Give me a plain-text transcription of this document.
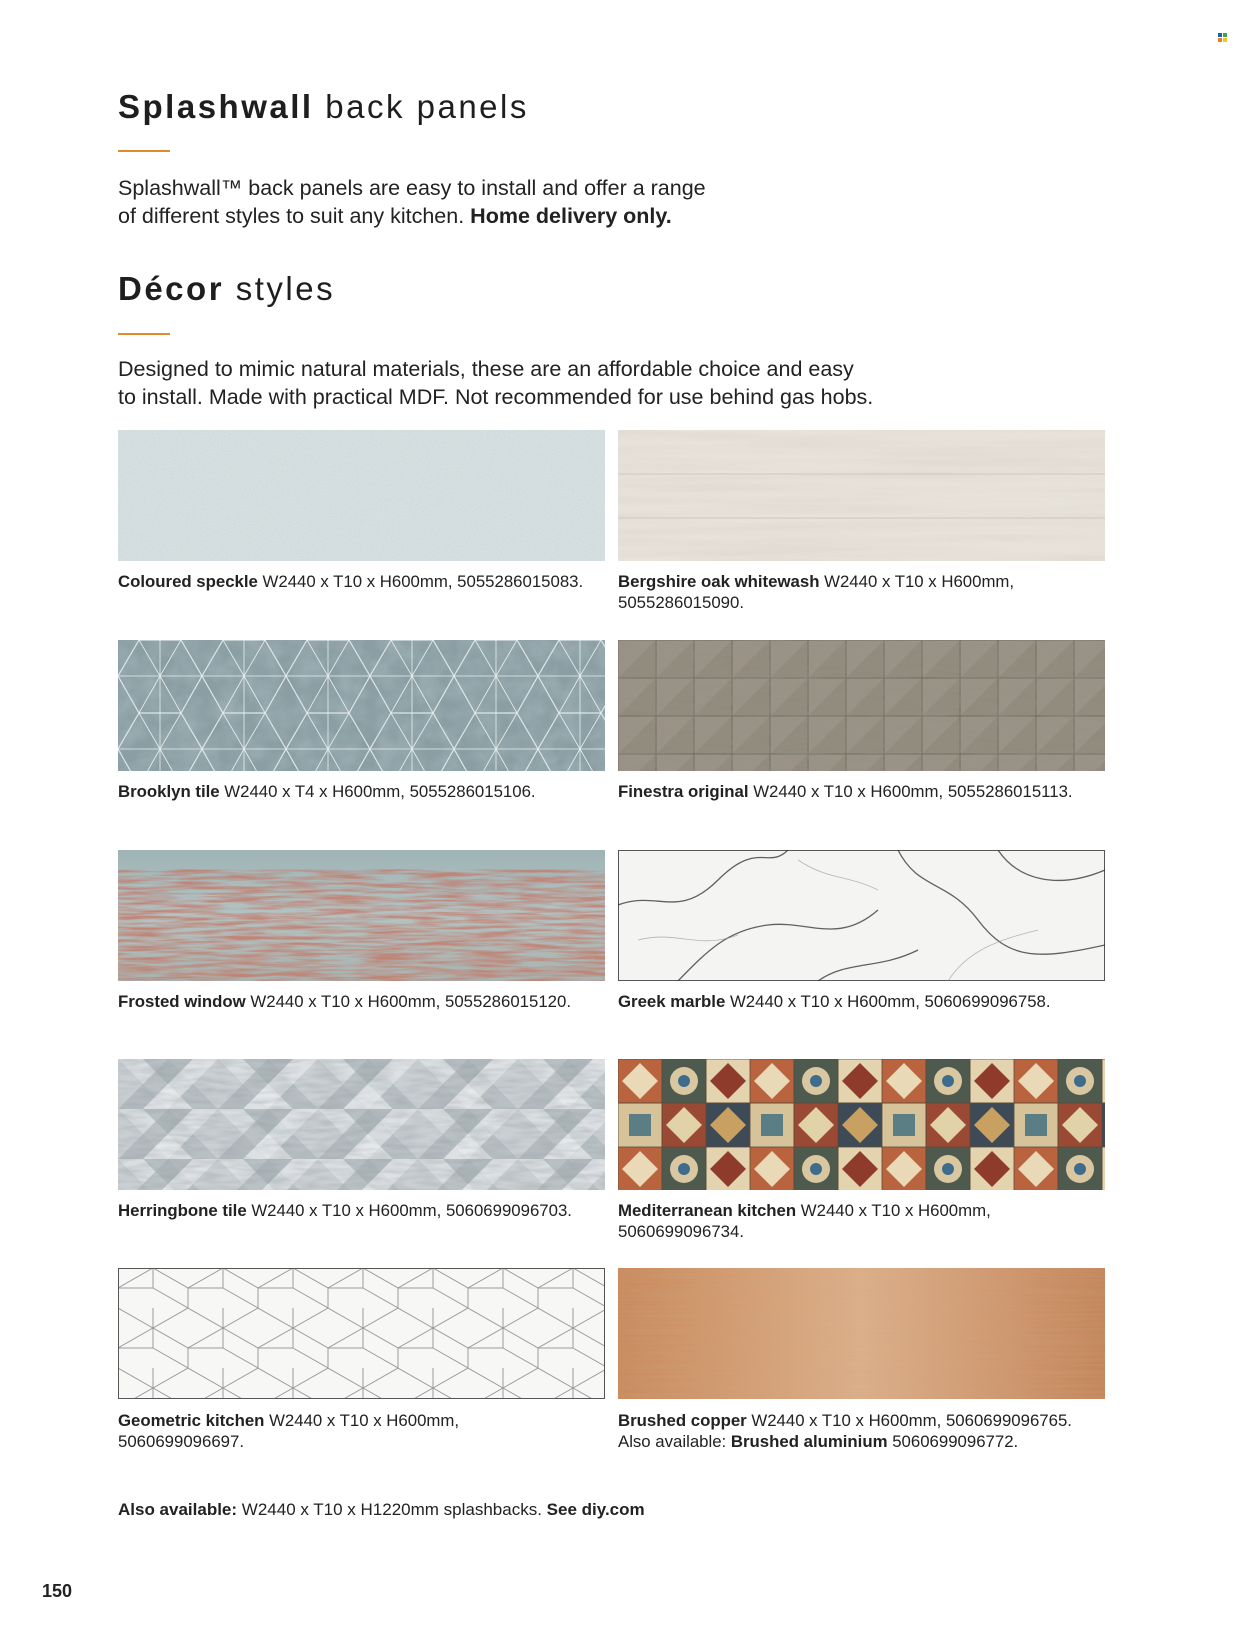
Splashwall back panels
Splashwall™ back panels are easy to install and offer a range
of different styles to suit any kitchen. Home delivery only.
Décor styles
Designed to mimic natural materials, these are an affordable choice and easy
to install. Made with practical MDF. Not recommended for use behind gas hobs.
Coloured speckle W2440 x T10 x H600mm, 5055286015083. Bergshire oak whitewash W2440 x T10 x H600mm,
5055286015090.
Brooklyn tile W2440 x T4 x H600mm, 5055286015106.	Finestra original W2440 x T10 x H600mm, 5055286015113.
Frosted window W2440 x T10 x H600mm, 5055286015120.	Greek marble W2440 x T10 x H600mm, 5060699096758.
Herringbone tile W2440 x T10 x H600mm, 5060699096703.	Mediterranean kitchen W2440 x T10 x H600mm,
5060699096734.
Geometric kitchen W2440 x T10 x H600mm,
5060699096697.
Brushed copper W2440 x T10 x H600mm, 5060699096765.
Also available: Brushed aluminium 5060699096772.
Also available: W2440 x T10 x H1220mm splashbacks. See diy.com
150
